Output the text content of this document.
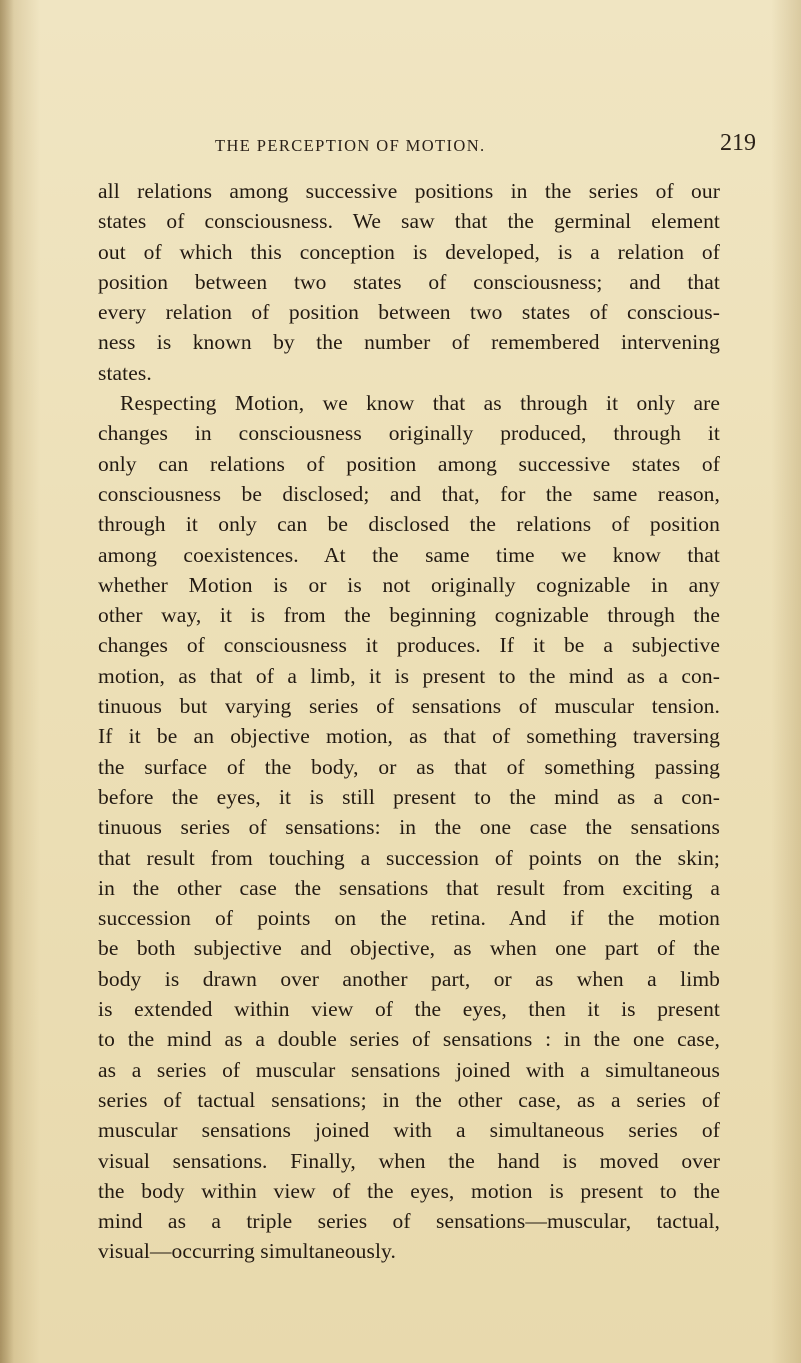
THE PERCEPTION OF MOTION.	219
all relations among successive positions in the series of our
states of consciousness. We saw that the germinal element
out of which this conception is developed, is a relation of
position between two states of consciousness; and that
every relation of position between two states of conscious-
ness is known by the number of remembered intervening
states.
Respecting Motion, we know that as through it only are
changes in consciousness originally produced, through it
only can relations of position among successive states of
consciousness be disclosed; and that, for the same reason,
through it only can be disclosed the relations of position
among coexistences. At the same time we know that
whether Motion is or is not originally cognizable in any
other way, it is from the beginning cognizable through the
changes of consciousness it produces. If it be a subjective
motion, as that of a limb, it is present to the mind as a con-
tinuous but varying series of sensations of muscular tension.
If it be an objective motion, as that of something traversing
the surface of the body, or as that of something passing
before the eyes, it is still present to the mind as a con-
tinuous series of sensations: in the one case the sensations
that result from touching a succession of points on the skin;
in the other case the sensations that result from exciting a
succession of points on the retina. And if the motion
be both subjective and objective, as when one part of the
body is drawn over another part, or as when a limb
is extended within view of the eyes, then it is present
to the mind as a double series of sensations : in the one case,
as a series of muscular sensations joined with a simultaneous
series of tactual sensations; in the other case, as a series of
muscular sensations joined with a simultaneous series of
visual sensations. Finally, when the hand is moved over
the body within view of the eyes, motion is present to the
mind as a triple series of sensations—muscular, tactual,
visual—occurring simultaneously.
